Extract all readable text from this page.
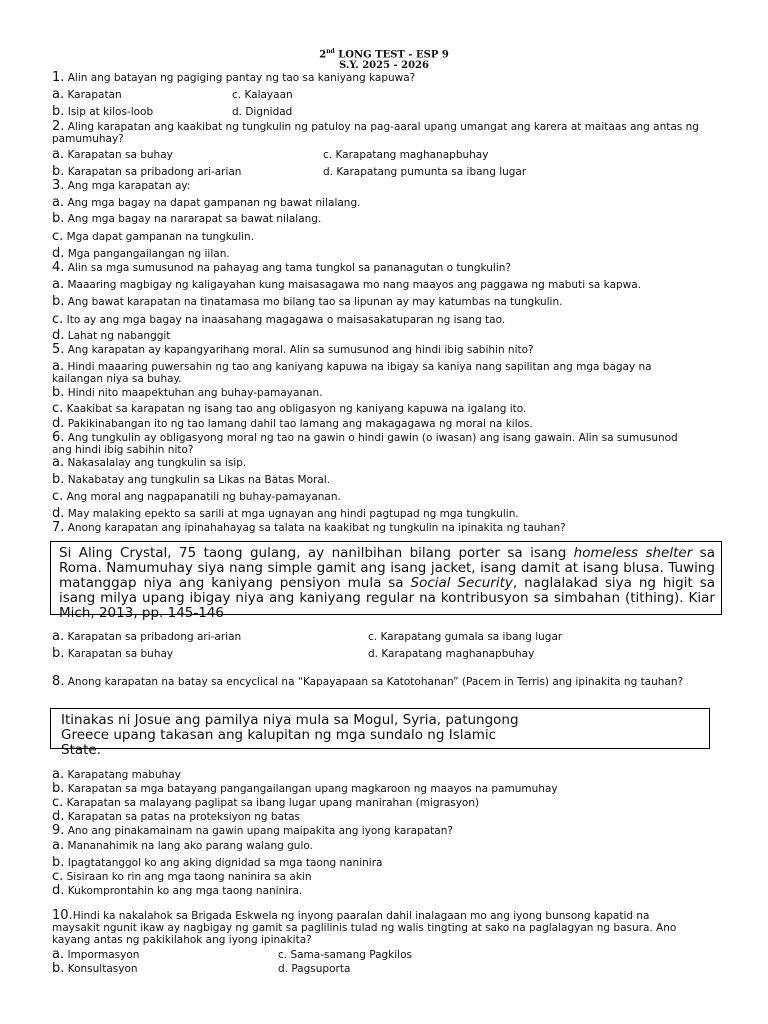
2nd LONG TEST - ESP 9
S.Y. 2025 - 2026
1. Alin ang batayan ng pagiging pantay ng tao sa kaniyang kapuwa?
a. Karapatan	c. Kalayaan
b. Isip at kilos-loob	d. Dignidad
2. Aling karapatan ang kaakibat ng tungkulin ng patuloy na pag-aaral upang umangat ang karera at maitaas ang antas ng pamumuhay?
a. Karapatan sa buhay	c. Karapatang maghanapbuhay
b. Karapatan sa pribadong ari-arian	d. Karapatang pumunta sa ibang lugar
3. Ang mga karapatan ay:
a. Ang mga bagay na dapat gampanan ng bawat nilalang.
b. Ang mga bagay na nararapat sa bawat nilalang.
c. Mga dapat gampanan na tungkulin.
d. Mga pangangailangan ng iilan.
4. Alin sa mga sumusunod na pahayag ang tama tungkol sa pananagutan o tungkulin?
a. Maaaring magbigay ng kaligayahan kung maisasagawa mo nang maayos ang paggawa ng mabuti sa kapwa.
b. Ang bawat karapatan na tinatamasa mo bilang tao sa lipunan ay may katumbas na tungkulin.
c. Ito ay ang mga bagay na inaasahang magagawa o maisasakatuparan ng isang tao.
d. Lahat ng nabanggit
5. Ang karapatan ay kapangyarihang moral. Alin sa sumusunod ang hindi ibig sabihin nito?
a. Hindi maaaring puwersahin ng tao ang kaniyang kapuwa na ibigay sa kaniya nang sapilitan ang mga bagay na kailangan niya sa buhay.
b. Hindi nito maapektuhan ang buhay-pamayanan.
c. Kaakibat sa karapatan ng isang tao ang obligasyon ng kaniyang kapuwa na igalang ito.
d. Pakikinabangan ito ng tao lamang dahil tao lamang ang makagagawa ng moral na kilos.
6. Ang tungkulin ay obligasyong moral ng tao na gawin o hindi gawin (o iwasan) ang isang gawain. Alin sa sumusunod ang hindi ibig sabihin nito?
a. Nakasalalay ang tungkulin sa isip.
b. Nakabatay ang tungkulin sa Likas na Batas Moral.
c. Ang moral ang nagpapanatili ng buhay-pamayanan.
d. May malaking epekto sa sarili at mga ugnayan ang hindi pagtupad ng mga tungkulin.
7. Anong karapatan ang ipinahahayag sa talata na kaakibat ng tungkulin na ipinakita ng tauhan?

Si Aling Crystal, 75 taong gulang, ay nanilbihan bilang porter sa isang homeless shelter sa Roma. Namumuhay siya nang simple gamit ang isang jacket, isang damit at isang blusa. Tuwing matanggap niya ang kaniyang pensiyon mula sa Social Security, naglalakad siya ng higit sa isang milya upang ibigay niya ang kaniyang regular na kontribusyon sa simbahan (tithing). Kiar Mich, 2013, pp. 145-146

a. Karapatan sa pribadong ari-arian	c. Karapatang gumala sa ibang lugar
b. Karapatan sa buhay	d. Karapatang maghanapbuhay
8. Anong karapatan na batay sa encyclical na “Kapayapaan sa Katotohanan” (Pacem in Terris) ang ipinakita ng tauhan?

Itinakas ni Josue ang pamilya niya mula sa Mogul, Syria, patungong Greece upang takasan ang kalupitan ng mga sundalo ng Islamic State.

a. Karapatang mabuhay
b. Karapatan sa mga batayang pangangailangan upang magkaroon ng maayos na pamumuhay
c. Karapatan sa malayang paglipat sa ibang lugar upang manirahan (migrasyon)
d. Karapatan sa patas na proteksiyon ng batas
9. Ano ang pinakamainam na gawin upang maipakita ang iyong karapatan?
a. Mananahimik na lang ako parang walang gulo.
b. Ipagtatanggol ko ang aking dignidad sa mga taong naninira
c. Sisiraan ko rin ang mga taong naninira sa akin
d. Kukomprontahin ko ang mga taong naninira.
10.Hindi ka nakalahok sa Brigada Eskwela ng inyong paaralan dahil inalagaan mo ang iyong bunsong kapatid na maysakit ngunit ikaw ay nagbigay ng gamit sa paglilinis tulad ng walis tingting at sako na paglalagyan ng basura. Ano kayang antas ng pakikilahok ang iyong ipinakita?
a. Impormasyon	c. Sama-samang Pagkilos
b. Konsultasyon	d. Pagsuporta
